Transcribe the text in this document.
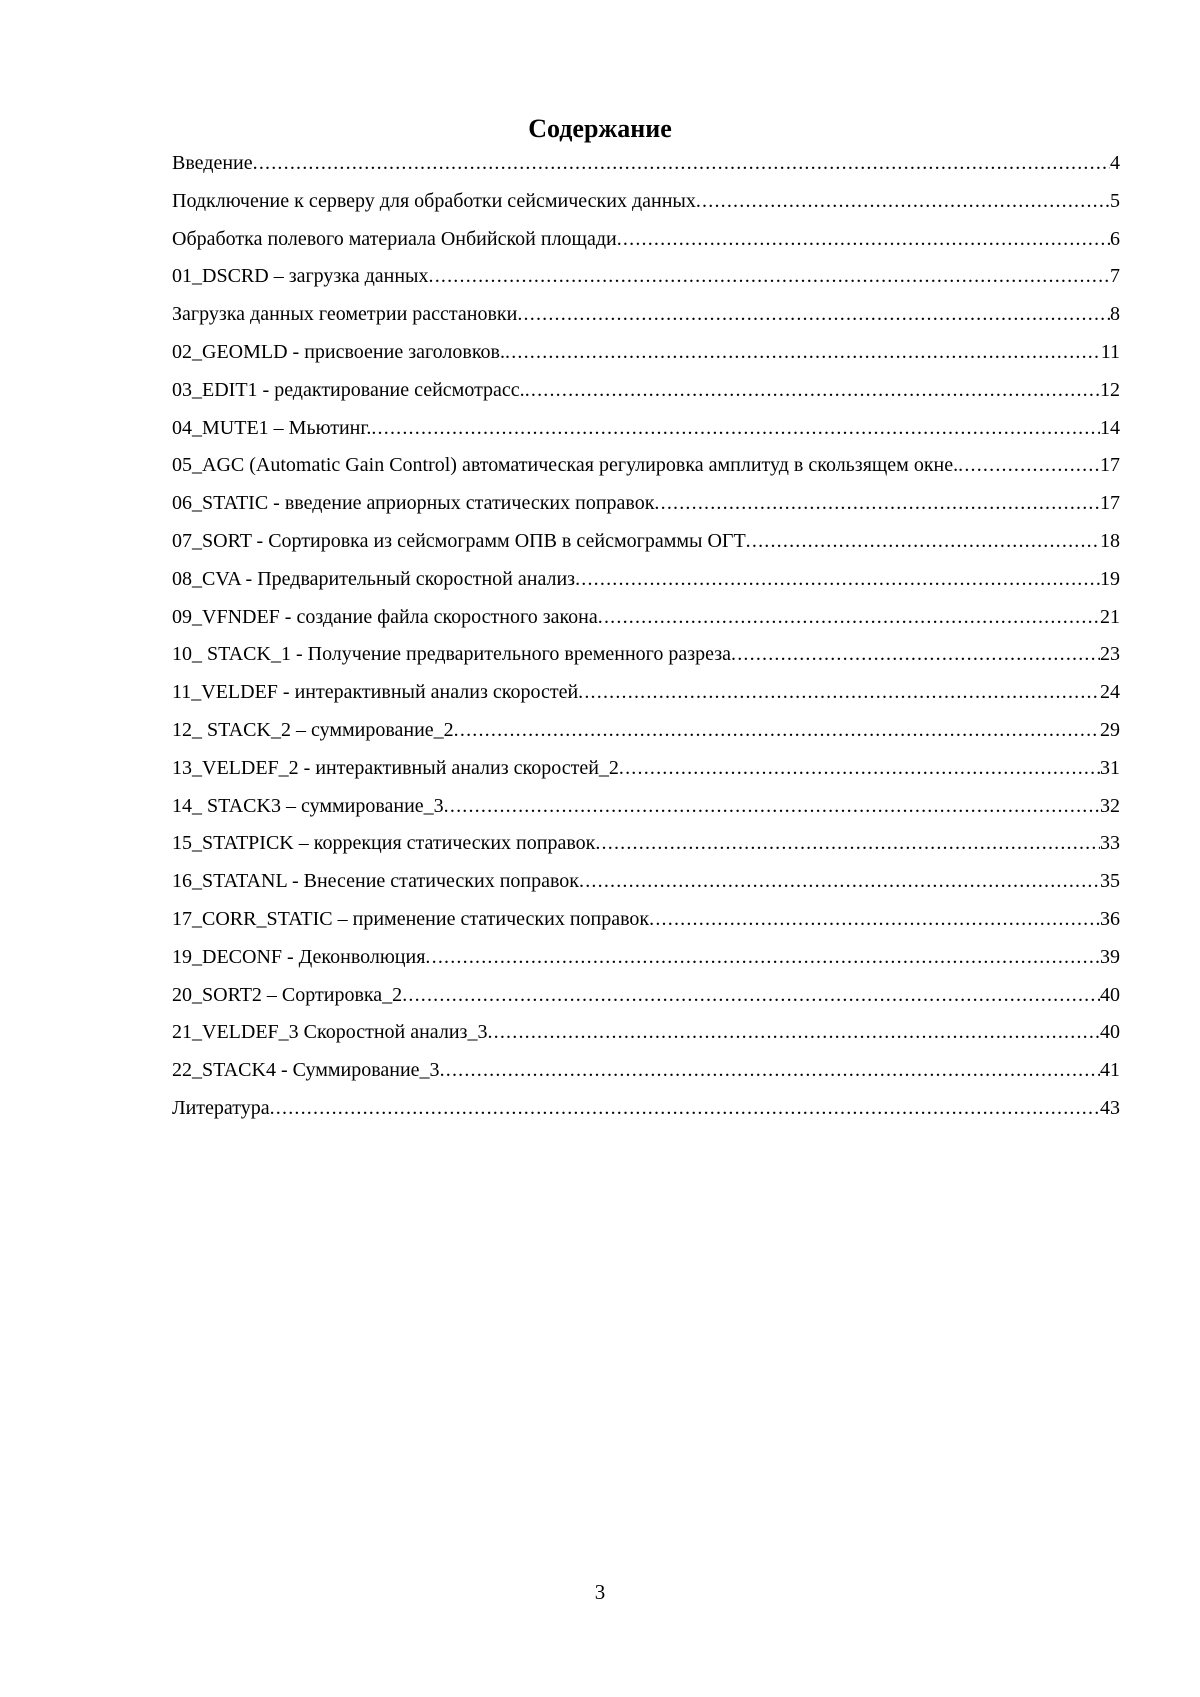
Содержание
Введение .....	4
Подключение к серверу для обработки сейсмических данных .....	5
Обработка полевого материала Онбийской площади .....	6
01_DSCRD – загрузка данных .....	7
Загрузка данных геометрии расстановки .....	8
02_GEOMLD - присвоение заголовков. .....	11
03_EDIT1 - редактирование сейсмотрасс. .....	12
04_MUTE1 – Мьютинг. .....	14
05_AGC (Automatic Gain Control) автоматическая регулировка амплитуд в скользящем окне. .....	17
06_STATIC - введение априорных статических поправок .....	17
07_SORT - Сортировка из сейсмограмм ОПВ в сейсмограммы ОГТ .....	18
08_CVA - Предварительный скоростной анализ .....	19
09_VFNDEF - создание файла скоростного закона .....	21
10_ STACK_1 - Получение предварительного временного разреза .....	23
11_VELDEF - интерактивный анализ скоростей .....	24
12_ STACK_2 – суммирование_2 .....	29
13_VELDEF_2 - интерактивный анализ скоростей_2 .....	31
14_ STACK3 – суммирование_3 .....	32
15_STATPICK – коррекция статических поправок .....	33
16_STATANL - Внесение статических поправок .....	35
17_CORR_STATIC – применение статических поправок .....	36
19_DECONF - Деконволюция .....	39
20_SORT2 – Сортировка_2 .....	40
21_VELDEF_3 Скоростной анализ_3 .....	40
22_STACK4 - Суммирование_3 .....	41
Литература .....	43
3
